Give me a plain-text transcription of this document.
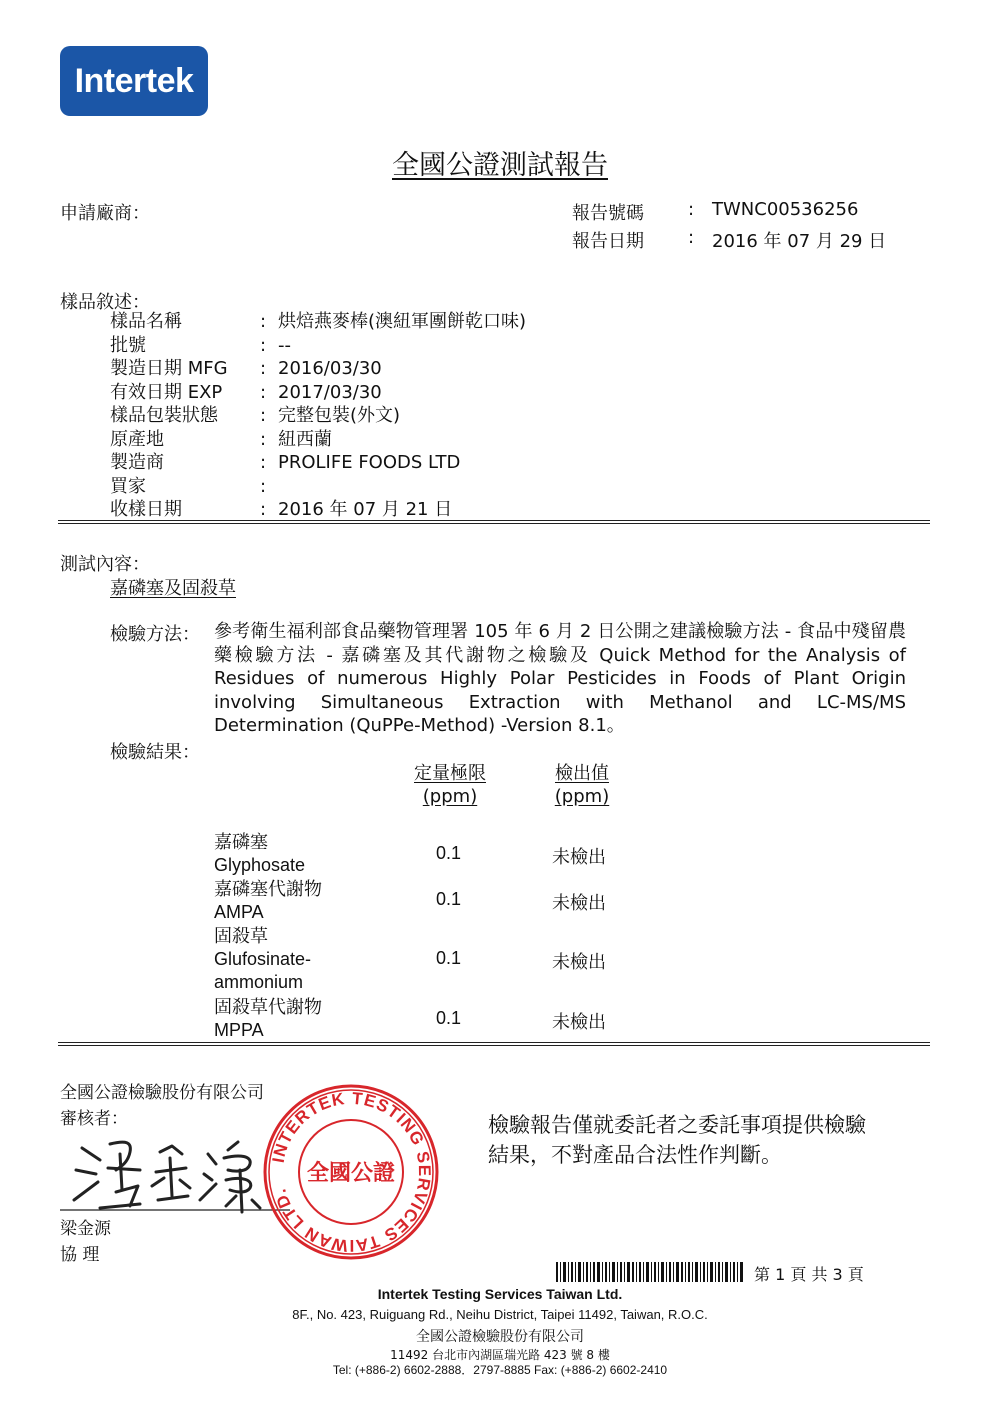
Intertek
全國公證測試報告
申請廠商：	報告號碼 : TWNC00536256
報告日期 : 2016 年 07 月 29 日
樣品敘述：
樣品名稱	: 烘焙燕麥棒(澳紐軍團餅乾口味)
批號	: --
製造日期 MFG	: 2016/03/30
有效日期 EXP	: 2017/03/30
樣品包裝狀態	: 完整包裝(外文)
原產地	: 紐西蘭
製造商	: PROLIFE FOODS LTD
買家	:
收樣日期	: 2016 年 07 月 21 日
測試內容：
嘉磷塞及固殺草
檢驗方法： 參考衛生福利部食品藥物管理署 105 年 6 月 2 日公開之建議檢驗方法 - 食品中殘留農藥檢驗方法 - 嘉磷塞及其代謝物之檢驗及 Quick Method for the Analysis of Residues of numerous Highly Polar Pesticides in Foods of Plant Origin involving Simultaneous Extraction with Methanol and LC-MS/MS Determination (QuPPe-Method) -Version 8.1。
檢驗結果：
定量極限
(ppm)
檢出值
(ppm)
嘉磷塞
Glyphosate
0.1	未檢出
嘉磷塞代謝物
AMPA
0.1	未檢出
固殺草
Glufosinate-
ammonium
0.1	未檢出
固殺草代謝物
MPPA
0.1	未檢出
全國公證檢驗股份有限公司
審核者：
梁金源
協 理
INTERTEK TESTING SERVICES TAIWAN LTD.
全國公證
檢驗報告僅就委託者之委託事項提供檢驗
結果，不對產品合法性作判斷。
第 1 頁 共 3 頁
Intertek Testing Services Taiwan Ltd.
8F., No. 423, Ruiguang Rd., Neihu District, Taipei 11492, Taiwan, R.O.C.
全國公證檢驗股份有限公司
11492 台北市內湖區瑞光路 423 號 8 樓
Tel: (+886-2) 6602-2888．2797-8885 Fax: (+886-2) 6602-2410
